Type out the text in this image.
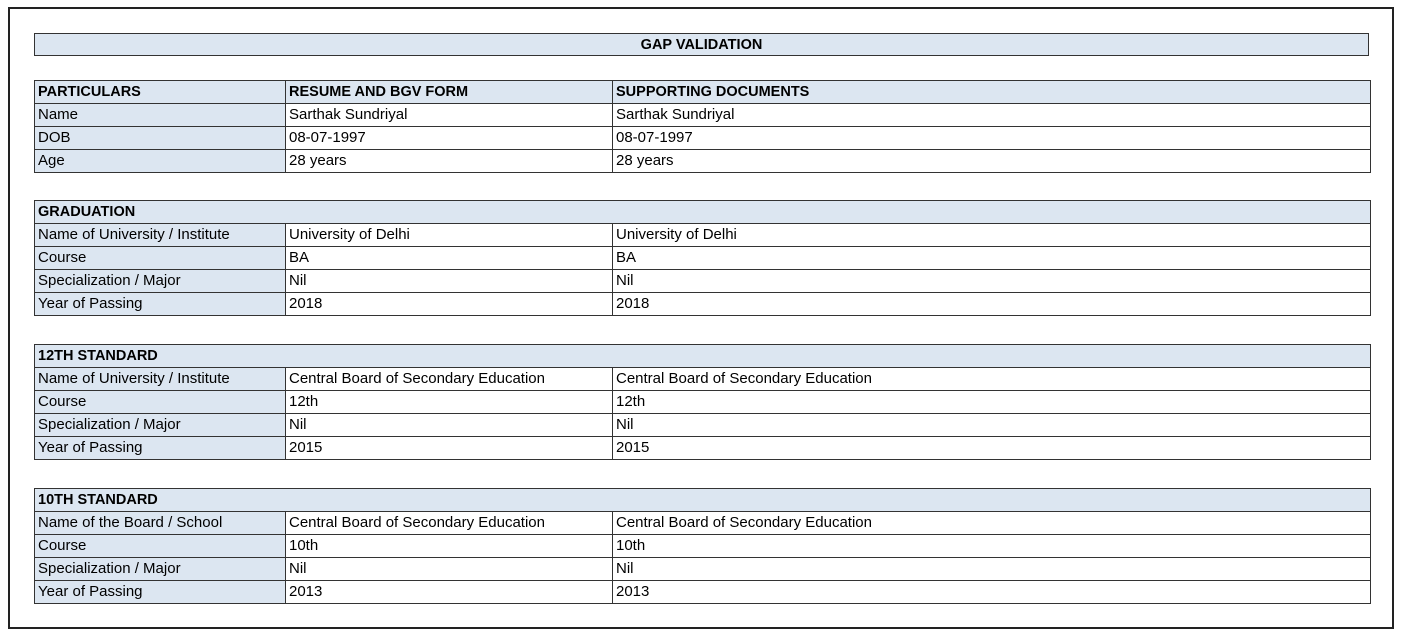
GAP VALIDATION
PARTICULARS	RESUME AND BGV FORM	SUPPORTING DOCUMENTS
Name	Sarthak Sundriyal	Sarthak Sundriyal
DOB	08-07-1997	08-07-1997
Age	28 years	28 years
GRADUATION		
Name of University / Institute	University of Delhi	University of Delhi
Course	BA	BA
Specialization / Major	Nil	Nil
Year of Passing	2018	2018
12TH STANDARD		
Name of University / Institute	Central Board of Secondary Education	Central Board of Secondary Education
Course	12th	12th
Specialization / Major	Nil	Nil
Year of Passing	2015	2015
10TH STANDARD		
Name of the Board / School	Central Board of Secondary Education	Central Board of Secondary Education
Course	10th	10th
Specialization / Major	Nil	Nil
Year of Passing	2013	2013
